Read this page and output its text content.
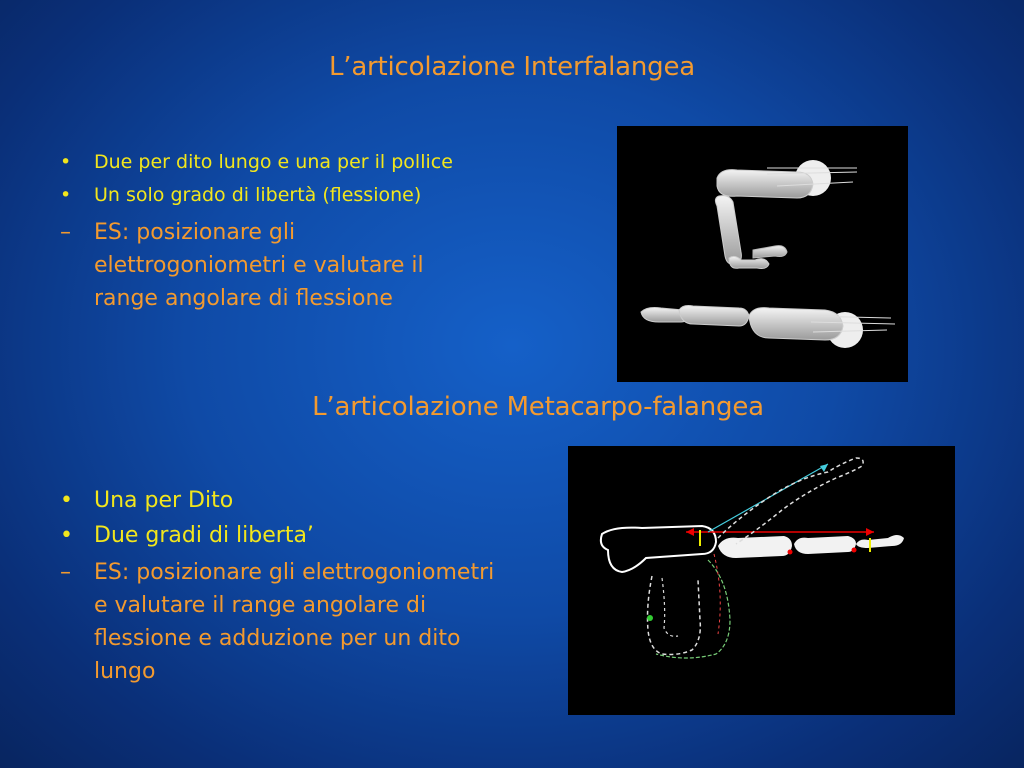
L’articolazione Interfalangea
• Due per dito lungo e una per il pollice
• Un solo grado di libertà (flessione)
– ES: posizionare gli elettrogoniometri e valutare il range angolare di flessione
L’articolazione Metacarpo-falangea
• Una per Dito
• Due gradi di liberta’
– ES: posizionare gli elettrogoniometri e valutare il range angolare di flessione e adduzione per un dito lungo
